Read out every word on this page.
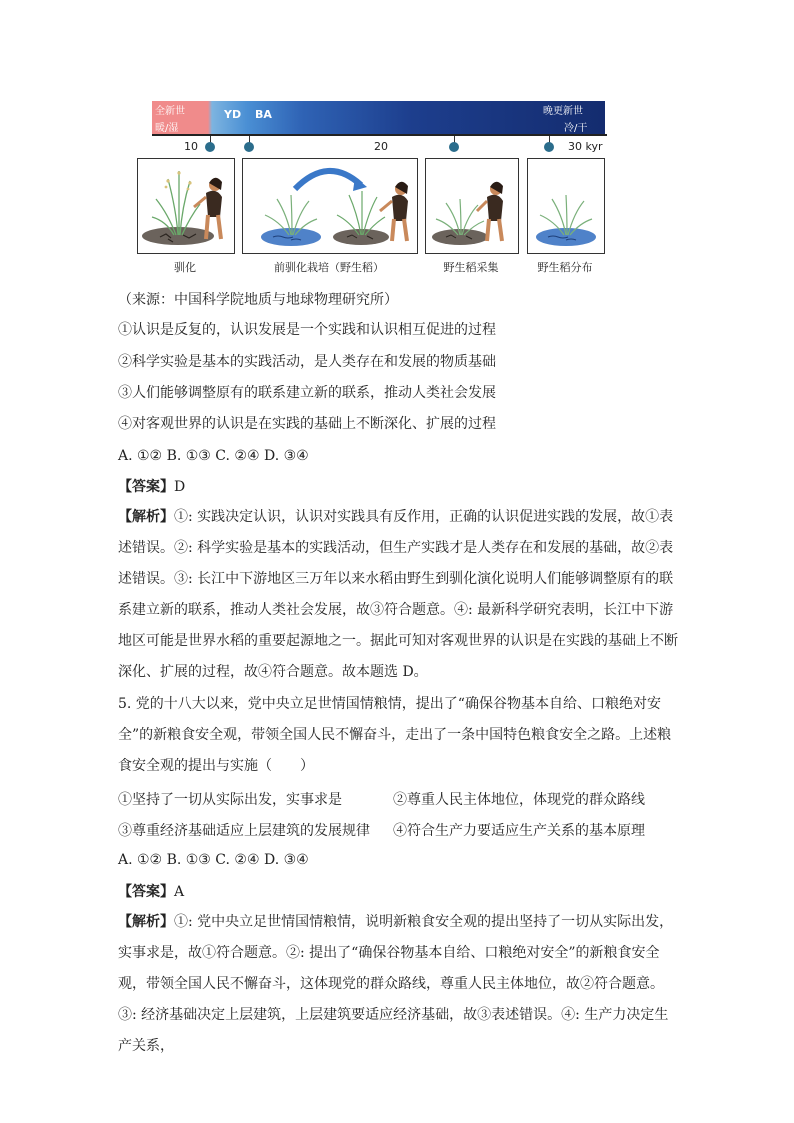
全新世
暖/湿
YD BA	晚更新世
冷/干
10	20	30 kyr
驯化	前驯化栽培（野生稻）	野生稻采集	野生稻分布
（来源：中国科学院地质与地球物理研究所）
①认识是反复的，认识发展是一个实践和认识相互促进的过程
②科学实验是基本的实践活动，是人类存在和发展的物质基础
③人们能够调整原有的联系建立新的联系，推动人类社会发展
④对客观世界的认识是在实践的基础上不断深化、扩展的过程
A. ①② B. ①③ C. ②④ D. ③④
【答案】D
【解析】①: 实践决定认识，认识对实践具有反作用，正确的认识促进实践的发展，故①表述错误。②: 科学实验是基本的实践活动，但生产实践才是人类存在和发展的基础，故②表述错误。③: 长江中下游地区三万年以来水稻由野生到驯化演化说明人们能够调整原有的联系建立新的联系，推动人类社会发展，故③符合题意。④: 最新科学研究表明，长江中下游地区可能是世界水稻的重要起源地之一。据此可知对客观世界的认识是在实践的基础上不断深化、扩展的过程，故④符合题意。故本题选 D。
5. 党的十八大以来，党中央立足世情国情粮情，提出了“确保谷物基本自给、口粮绝对安全”的新粮食安全观，带领全国人民不懈奋斗，走出了一条中国特色粮食安全之路。上述粮食安全观的提出与实施（　　）
①坚持了一切从实际出发，实事求是	②尊重人民主体地位，体现党的群众路线
③尊重经济基础适应上层建筑的发展规律 ④符合生产力要适应生产关系的基本原理
A. ①② B. ①③ C. ②④ D. ③④
【答案】A
【解析】①: 党中央立足世情国情粮情，说明新粮食安全观的提出坚持了一切从实际出发，实事求是，故①符合题意。②: 提出了“确保谷物基本自给、口粮绝对安全”的新粮食安全观，带领全国人民不懈奋斗，这体现党的群众路线，尊重人民主体地位，故②符合题意。③: 经济基础决定上层建筑，上层建筑要适应经济基础，故③表述错误。④: 生产力决定生产关系，
